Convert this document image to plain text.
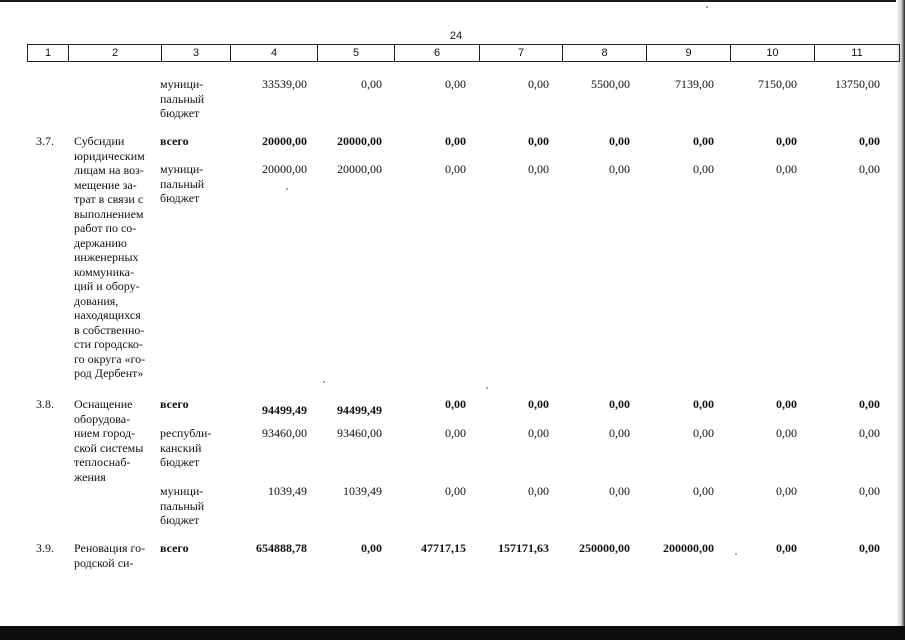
24
1	2	3	4	5	6	7	8	9	10	11
муници-
пальный
бюджет
33539,00	0,00	0,00	0,00	5500,00	7139,00	7150,00	13750,00
3.7. Субсидии
юридическим
лицам на воз-
мещение за-
трат в связи с
выполнением
работ по со-
держанию
инженерных
коммуника-
ций и обору-
дования,
находящихся
в собственно-
сти городско-
го округа «го-
род Дербент»
всего	20000,00	20000,00	0,00	0,00	0,00	0,00	0,00	0,00
муници-
пальный
бюджет
20000,00	20000,00	0,00	0,00	0,00	0,00	0,00	0,00
3.8. Оснащение
оборудова-
нием город-
ской системы
теплоснаб-
жения
всего	94499,49	94499,49	0,00	0,00	0,00	0,00	0,00	0,00
республи-
канский
бюджет
93460,00	93460,00	0,00	0,00	0,00	0,00	0,00	0,00
муници-
пальный
бюджет
1039,49	1039,49	0,00	0,00	0,00	0,00	0,00	0,00
3.9. Реновация го-
родской си-
всего	654888,78	0,00	47717,15	157171,63	250000,00	200000,00	0,00	0,00
